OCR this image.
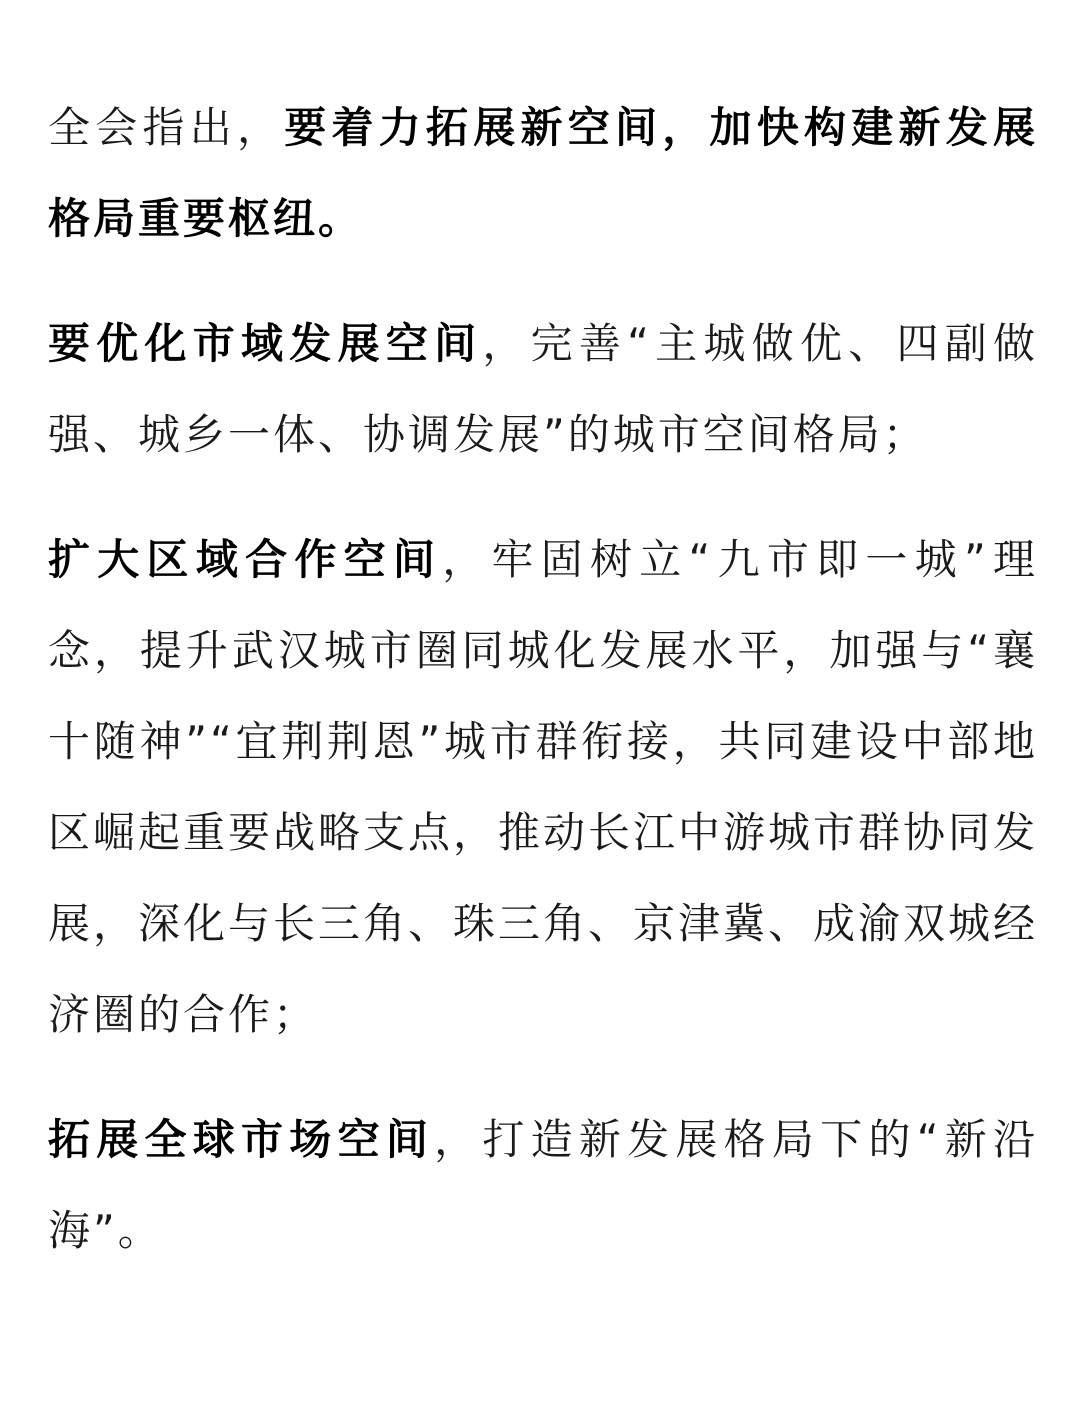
全会指出，要着力拓展新空间，加快构建新发展格局重要枢纽。

要优化市域发展空间，完善“主城做优、四副做强、城乡一体、协调发展”的城市空间格局；

扩大区域合作空间，牢固树立“九市即一城”理念，提升武汉城市圈同城化发展水平，加强与“襄十随神”“宜荆荆恩”城市群衔接，共同建设中部地区崛起重要战略支点，推动长江中游城市群协同发展，深化与长三角、珠三角、京津冀、成渝双城经济圈的合作；

拓展全球市场空间，打造新发展格局下的“新沿海”。
